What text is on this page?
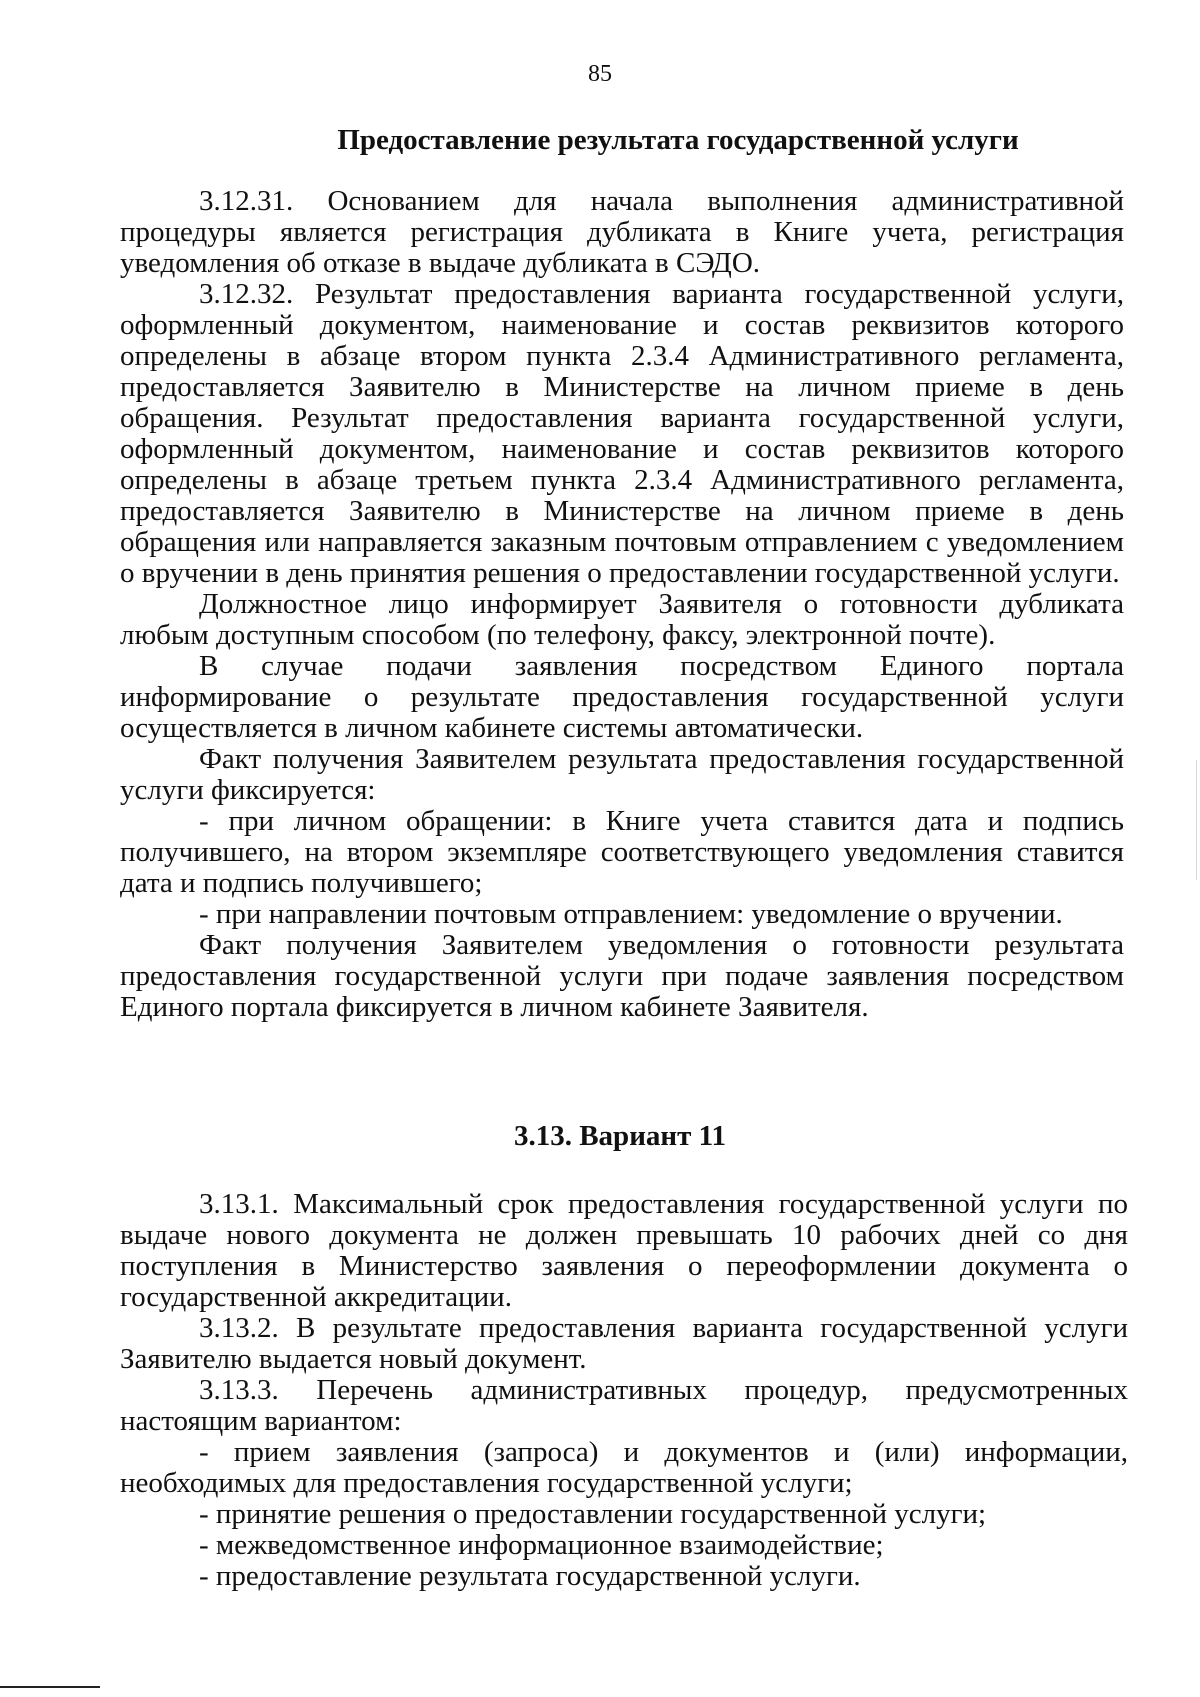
85
Предоставление результата государственной услуги

3.12.31. Основанием для начала выполнения административной процедуры является регистрация дубликата в Книге учета, регистрация уведомления об отказе в выдаче дубликата в СЭДО.

3.12.32. Результат предоставления варианта государственной услуги, оформленный документом, наименование и состав реквизитов которого определены в абзаце втором пункта 2.3.4 Административного регламента, предоставляется Заявителю в Министерстве на личном приеме в день обращения. Результат предоставления варианта государственной услуги, оформленный документом, наименование и состав реквизитов которого определены в абзаце третьем пункта 2.3.4 Административного регламента, предоставляется Заявителю в Министерстве на личном приеме в день обращения или направляется заказным почтовым отправлением с уведомлением о вручении в день принятия решения о предоставлении государственной услуги.

Должностное лицо информирует Заявителя о готовности дубликата любым доступным способом (по телефону, факсу, электронной почте).

В случае подачи заявления посредством Единого портала информирование о результате предоставления государственной услуги осуществляется в личном кабинете системы автоматически.

Факт получения Заявителем результата предоставления государственной услуги фиксируется:

- при личном обращении: в Книге учета ставится дата и подпись получившего, на втором экземпляре соответствующего уведомления ставится дата и подпись получившего;

- при направлении почтовым отправлением: уведомление о вручении.

Факт получения Заявителем уведомления о готовности результата предоставления государственной услуги при подаче заявления посредством Единого портала фиксируется в личном кабинете Заявителя.

3.13. Вариант 11

3.13.1. Максимальный срок предоставления государственной услуги по выдаче нового документа не должен превышать 10 рабочих дней со дня поступления в Министерство заявления о переоформлении документа о государственной аккредитации.

3.13.2. В результате предоставления варианта государственной услуги Заявителю выдается новый документ.

3.13.3. Перечень административных процедур, предусмотренных настоящим вариантом:

- прием заявления (запроса) и документов и (или) информации, необходимых для предоставления государственной услуги;

- принятие решения о предоставлении государственной услуги;

- межведомственное информационное взаимодействие;

- предоставление результата государственной услуги.
